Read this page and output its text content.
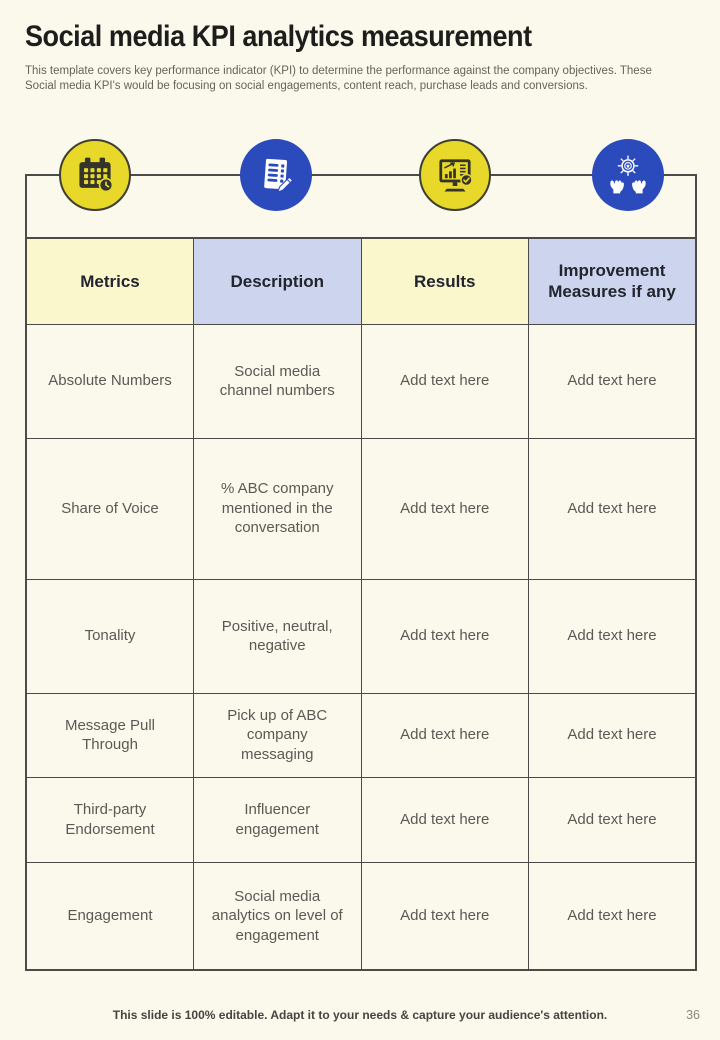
Social media KPI analytics measurement

This template covers key performance indicator (KPI) to determine the performance against the company objectives. These Social media KPI's would be focusing on social engagements, content reach, purchase leads and conversions.

Metrics	Description	Results	Improvement Measures if any
Absolute Numbers	Social media channel numbers	Add text here	Add text here
Share of Voice	% ABC company mentioned in the conversation	Add text here	Add text here
Tonality	Positive, neutral, negative	Add text here	Add text here
Message Pull Through	Pick up of ABC company messaging	Add text here	Add text here
Third-party Endorsement	Influencer engagement	Add text here	Add text here
Engagement	Social media analytics on level of engagement	Add text here	Add text here
This slide is 100% editable. Adapt it to your needs & capture your audience's attention.	36
